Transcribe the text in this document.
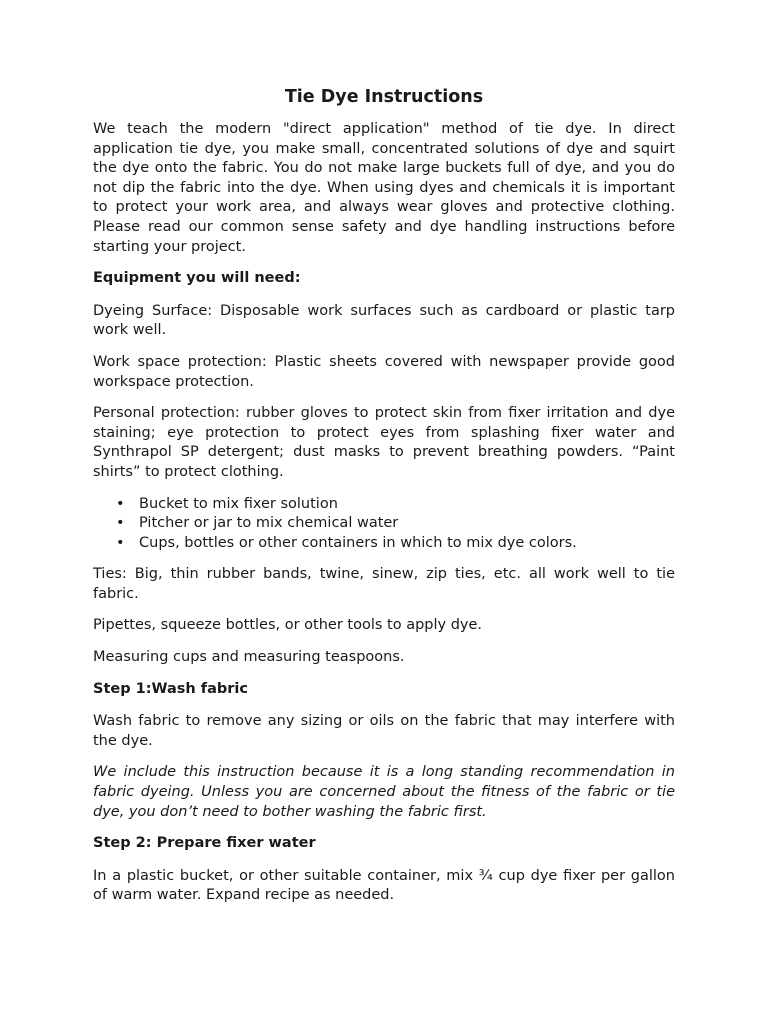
Tie Dye Instructions

We teach the modern "direct application" method of tie dye. In direct application tie dye, you make small, concentrated solutions of dye and squirt the dye onto the fabric. You do not make large buckets full of dye, and you do not dip the fabric into the dye. When using dyes and chemicals it is important to protect your work area, and always wear gloves and protective clothing. Please read our common sense safety and dye handling instructions before starting your project.

Equipment you will need:

Dyeing Surface: Disposable work surfaces such as cardboard or plastic tarp work well.

Work space protection: Plastic sheets covered with newspaper provide good workspace protection.

Personal protection: rubber gloves to protect skin from fixer irritation and dye staining; eye protection to protect eyes from splashing fixer water and Synthrapol SP detergent; dust masks to prevent breathing powders. “Paint shirts” to protect clothing.

• Bucket to mix fixer solution
• Pitcher or jar to mix chemical water
• Cups, bottles or other containers in which to mix dye colors.

Ties: Big, thin rubber bands, twine, sinew, zip ties, etc. all work well to tie fabric.

Pipettes, squeeze bottles, or other tools to apply dye.

Measuring cups and measuring teaspoons.

Step 1:Wash fabric

Wash fabric to remove any sizing or oils on the fabric that may interfere with the dye.

We include this instruction because it is a long standing recommendation in fabric dyeing. Unless you are concerned about the fitness of the fabric or tie dye, you don’t need to bother washing the fabric first.

Step 2: Prepare fixer water

In a plastic bucket, or other suitable container, mix ¾ cup dye fixer per gallon of warm water. Expand recipe as needed.
